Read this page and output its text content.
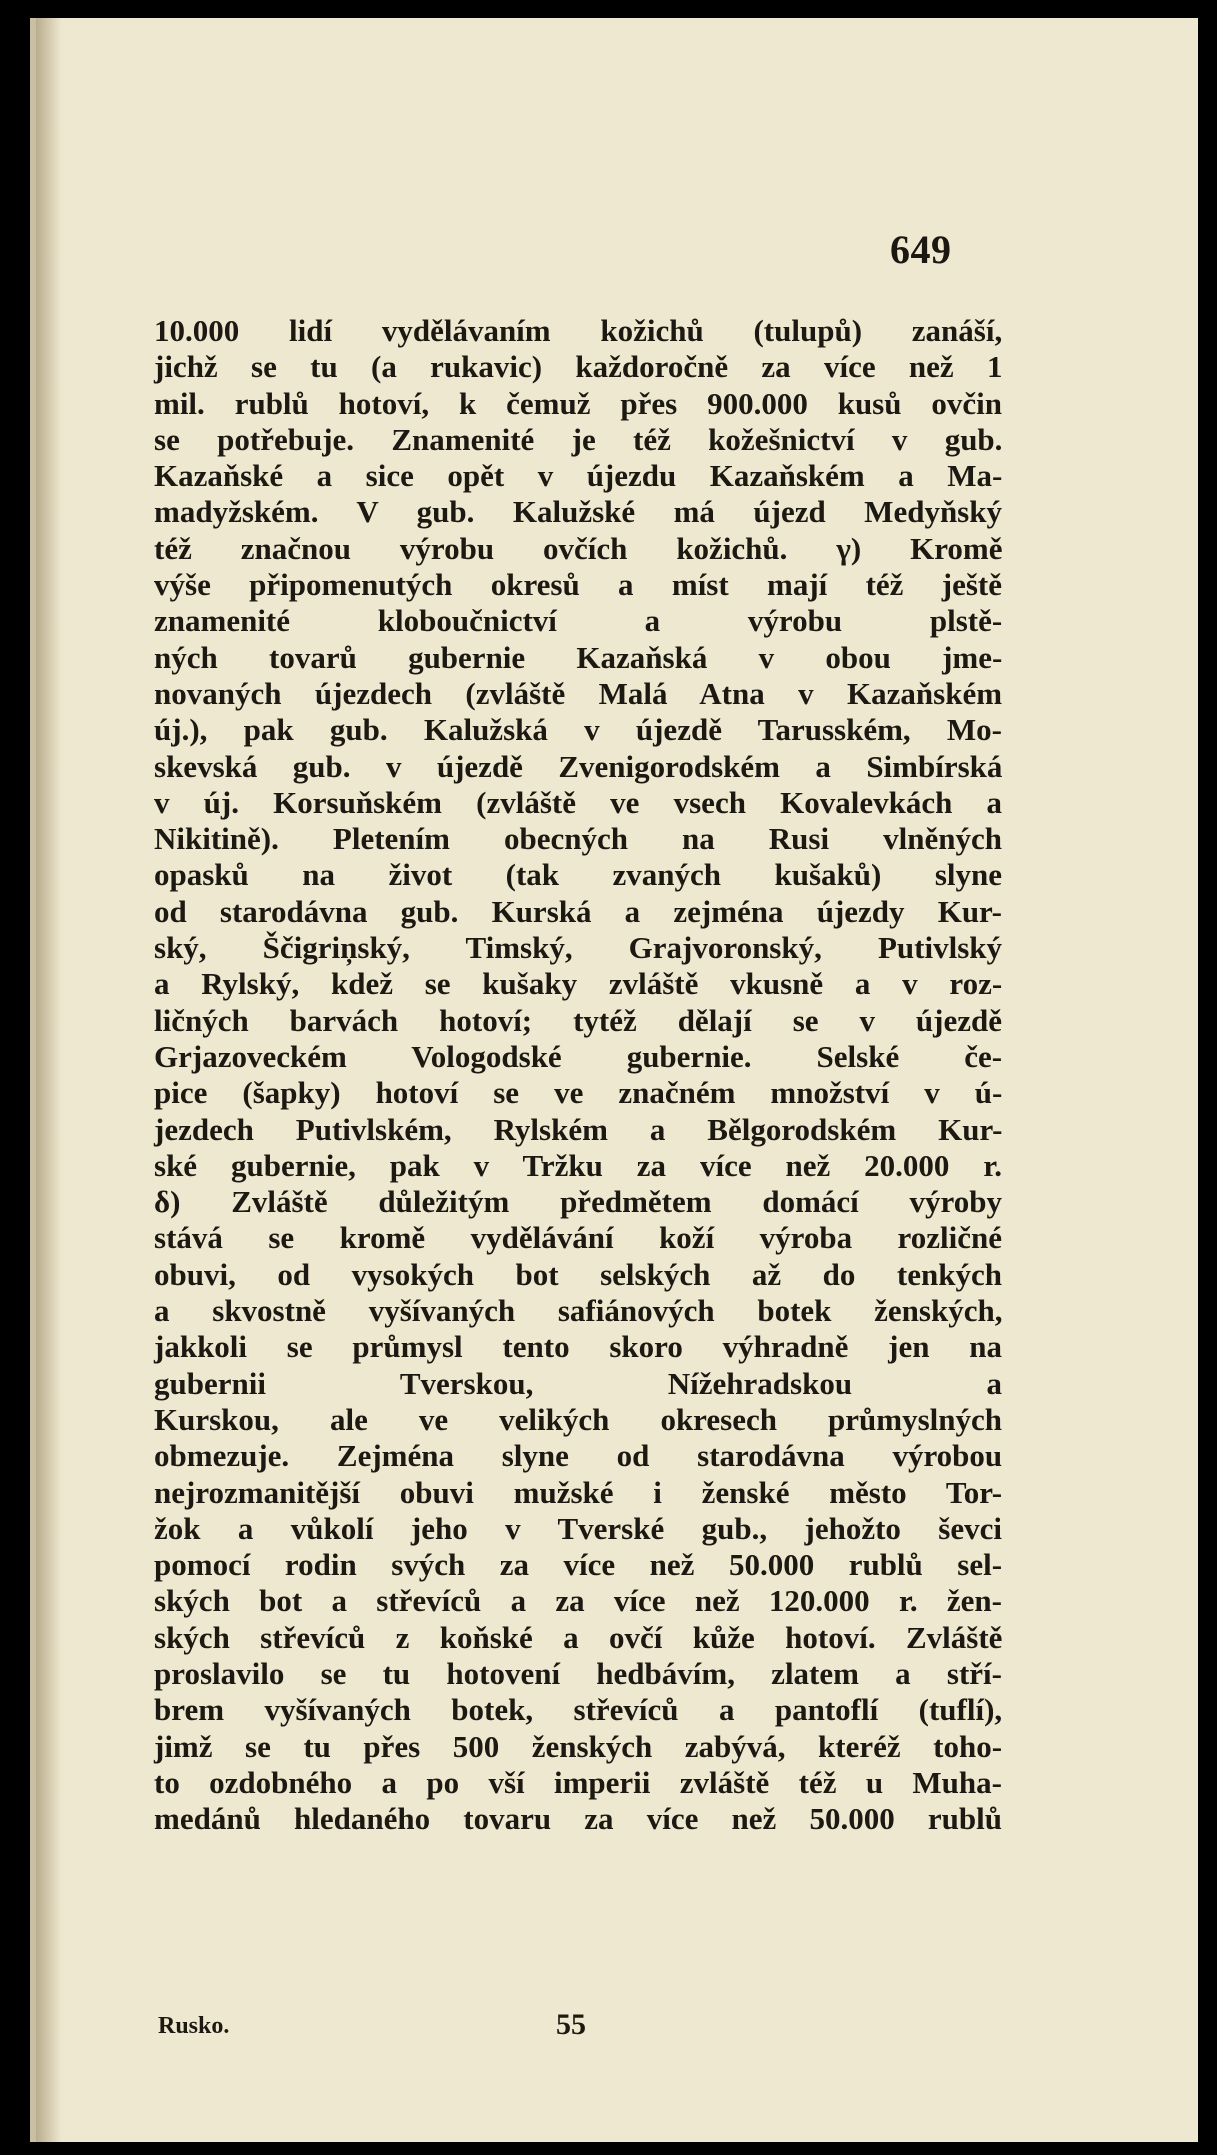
649
10.000 lidí vydělávaním kožichů (tulupů) zanáší,
jichž se tu (a rukavic) každoročně za více než 1
mil. rublů hotoví, k čemuž přes 900.000 kusů ovčin
se potřebuje. Znamenité je též kožešnictví v gub.
Kazaňské a sice opět v újezdu Kazaňském a Ma-
madyžském. V gub. Kalužské má újezd Medyňský
též značnou výrobu ovčích kožichů. γ) Kromě
výše připomenutých okresů a míst mají též ještě
znamenité kloboučnictví a výrobu plstě-
ných tovarů gubernie Kazaňská v obou jme-
novaných újezdech (zvláště Malá Atna v Kazaňském
új.), pak gub. Kalužská v újezdě Tarusském, Mo-
skevská gub. v újezdě Zvenigorodském a Simbírská
v új. Korsuňském (zvláště ve vsech Kovalevkách a
Nikitině). Pletením obecných na Rusi vlněných
opasků na život (tak zvaných kušaků) slyne
od starodávna gub. Kurská a zejména újezdy Kur-
ský, Ščigriņský, Timský, Grajvoronský, Putivlský
a Rylský, kdež se kušaky zvláště vkusně a v roz-
ličných barvách hotoví; tytéž dělají se v újezdě
Grjazoveckém Vologodské gubernie. Selské če-
pice (šapky) hotoví se ve značném množství v ú-
jezdech Putivlském, Rylském a Bělgorodském Kur-
ské gubernie, pak v Tržku za více než 20.000 r.
δ) Zvláště důležitým předmětem domácí výroby
stává se kromě vydělávání koží výroba rozličné
obuvi, od vysokých bot selských až do tenkých
a skvostně vyšívaných safiánových botek ženských,
jakkoli se průmysl tento skoro výhradně jen na
gubernii Tverskou, Nížehradskou a
Kurskou, ale ve velikých okresech průmyslných
obmezuje. Zejména slyne od starodávna výrobou
nejrozmanitější obuvi mužské i ženské město Tor-
žok a vůkolí jeho v Tverské gub., jehožto ševci
pomocí rodin svých za více než 50.000 rublů sel-
ských bot a střevíců a za více než 120.000 r. žen-
ských střevíců z koňské a ovčí kůže hotoví. Zvláště
proslavilo se tu hotovení hedbávím, zlatem a stří-
brem vyšívaných botek, střevíců a pantoflí (tuflí),
jimž se tu přes 500 ženských zabývá, kteréž toho-
to ozdobného a po vší imperii zvláště též u Muha-
medánů hledaného tovaru za více než 50.000 rublů
Rusko.	55
